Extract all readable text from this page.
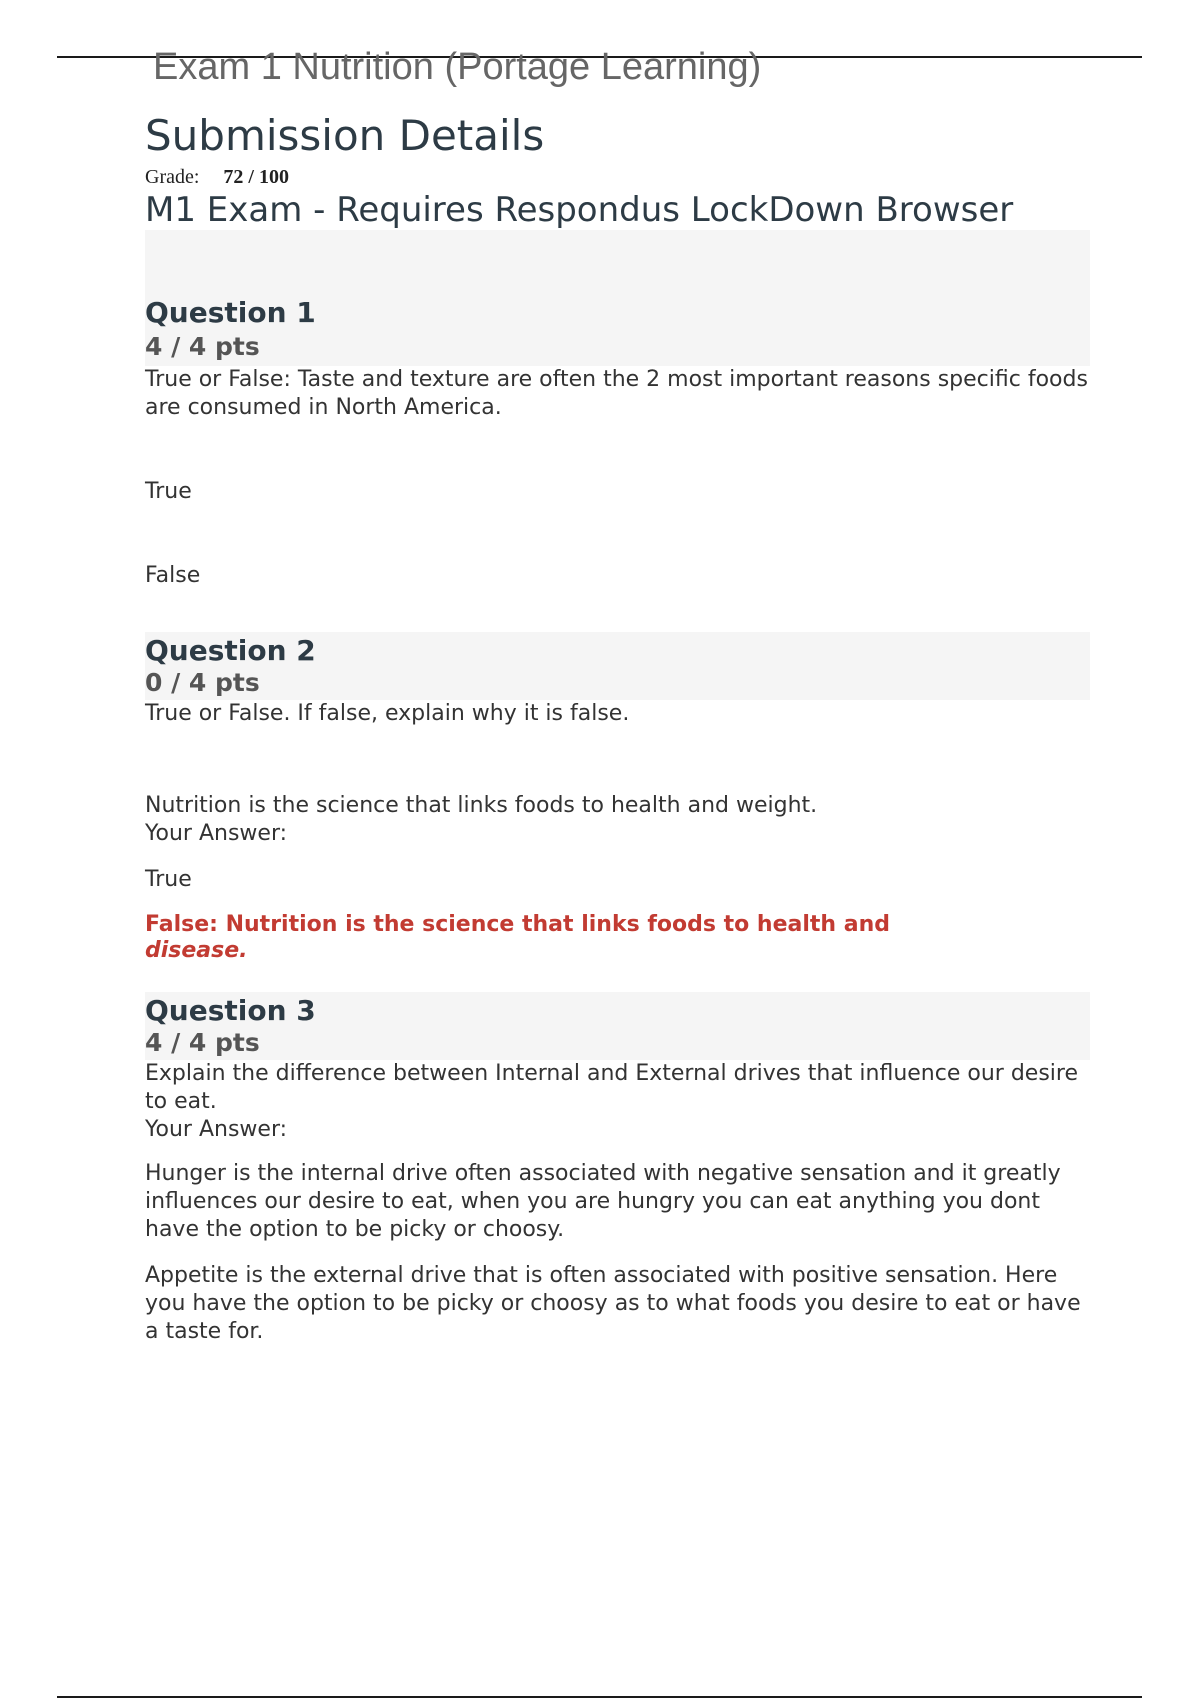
Exam 1 Nutrition (Portage Learning)
Submission Details

Grade: 72 / 100

M1 Exam - Requires Respondus LockDown Browser

Question 1

4 / 4 pts

True or False: Taste and texture are often the 2 most important reasons specific foods are consumed in North America.

True

False

Question 2

0 / 4 pts

True or False. If false, explain why it is false.

Nutrition is the science that links foods to health and weight.

Your Answer:

True

False: Nutrition is the science that links foods to health and disease.

Question 3

4 / 4 pts

Explain the difference between Internal and External drives that influence our desire to eat.

Your Answer:

Hunger is the internal drive often associated with negative sensation and it greatly influences our desire to eat, when you are hungry you can eat anything you dont have the option to be picky or choosy.

Appetite is the external drive that is often associated with positive sensation. Here you have the option to be picky or choosy as to what foods you desire to eat or have a taste for.
